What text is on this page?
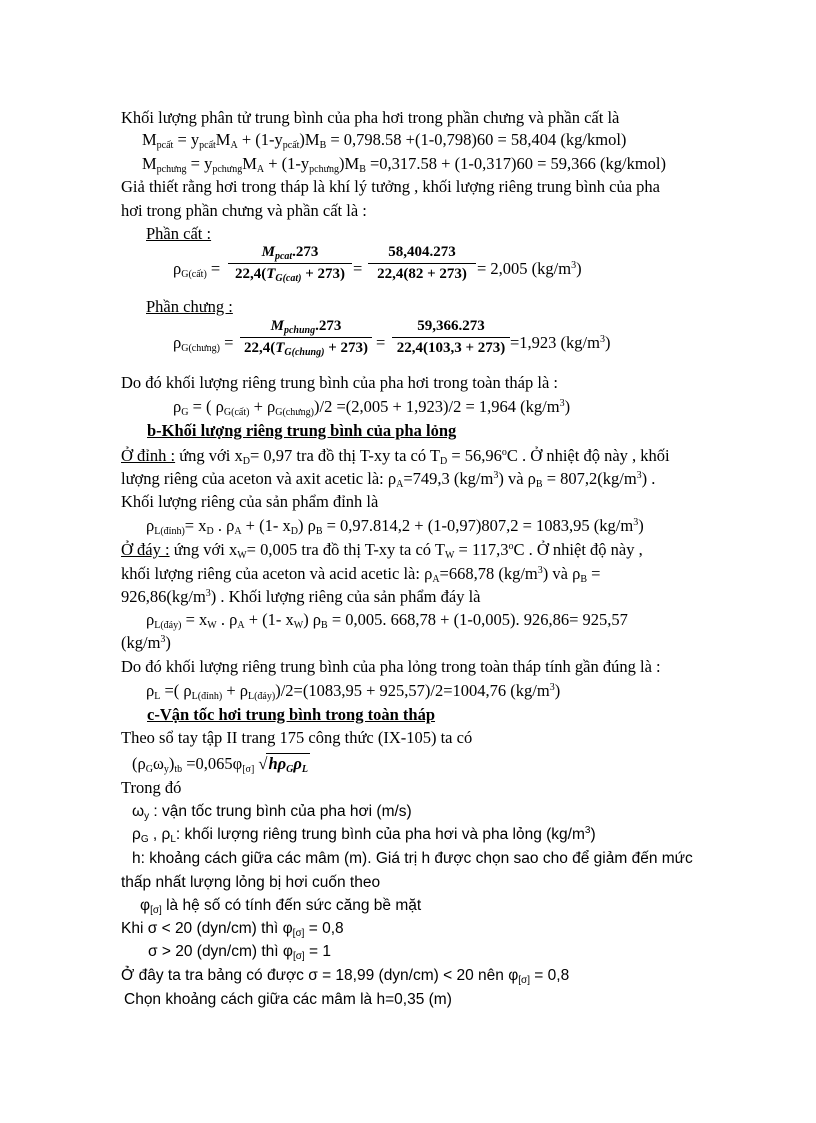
Khối lượng phân tử trung bình của pha hơi trong phần chưng và phần cất là
$M_{pcất} = y_{pcất}M_A + (1-y_{pcất})M_B = 0,798.58 +(1-0,798)60 = 58,404$ (kg/kmol)
$M_{pchưng} = y_{pchưng}M_A + (1-y_{pchưng})M_B =0,317.58 + (1-0,317)60 = 59,366$ (kg/kmol)
Giả thiết rằng hơi trong tháp là khí lý tưởng , khối lượng riêng trung bình của pha
hơi trong phần chưng và phần cất là :
Phần cất :
$\rho_{G(cất)}$ =
$M_{pcat}.273$
$22,4(T_{G(cat)} + 273)$ =
58,404.273
22,4(82 + 273) = 2,005 $(kg/m^3)$
Phần chưng :
$\rho_{G(chưng)}$ =
$M_{pchung}.273$
$22,4(T_{G(chung)} + 273)$ =
59,366.273
22,4(103,3 + 273) =1,923 $(kg/m^3)$
Do đó khối lượng riêng trung bình của pha hơi trong toàn tháp là :
$\rho_G$ = ( $\rho_{G(cất)} + \rho_{G(chưng)})/2 =(2,005 + 1,923)/2 = 1,964$ $(kg/m^3)$
b-Khối lượng riêng trung bình của pha lỏng
Ở đỉnh : ứng với $x_D= 0,97$ tra đồ thị T-xy ta có $T_D = 56,96^oC$ . Ở nhiệt độ này , khối
lượng riêng của aceton và axit acetic là: $\rho_A=749,3$ $(kg/m^3)$ và $\rho_B = 807,2(kg/m^3)$ .
Khối lượng riêng của sản phẩm đỉnh là
$\rho_{L(đỉnh)}= x_D$ . $\rho_A + (1-$ $x_D$) $\rho_B = 0,97.814,2 + (1-0,97)807,2 = 1083,95$ $(kg/m^3)$
Ở đáy : ứng với $x_W= 0,005$ tra đồ thị T-xy ta có $T_W = 117,3^oC$ . Ở nhiệt độ này ,
khối lượng riêng của aceton và acid acetic là: $\rho_A=668,78$ $(kg/m^3)$ và $\rho_B$ =
$926,86(kg/m^3)$ . Khối lượng riêng của sản phẩm đáy là
$\rho_{L(đáy)} = x_W$ . $\rho_A + (1-$ $x_W$) $\rho_B = 0,005$. 668,78 + (1-0,005). 926,86= 925,57
$(kg/m^3)$
Do đó khối lượng riêng trung bình của pha lỏng trong toàn tháp tính gần đúng là :
$\rho_L$ =( $\rho_{L(đỉnh)} + \rho_{L(đáy)})/2=(1083,95 + 925,57)/2=1004,76$ $(kg/m^3)$
c-Vận tốc hơi trung bình trong toàn tháp
Theo sổ tay tập II trang 175 công thức (IX-105) ta có
$(\rho_G\omega_y)_{tb} =0,065\varphi_{[\sigma]}$ $√h\rho_G\rho_L$
Trong đó
$\omega_y$ : vận tốc trung bình của pha hơi (m/s)
$\rho_G$ , $\rho_L$: khối lượng riêng trung bình của pha hơi và pha lỏng $(kg/m^3)$
h: khoảng cách giữa các mâm (m). Giá trị h được chọn sao cho để giảm đến mức
thấp nhất lượng lỏng bị hơi cuốn theo
$\varphi_{[\sigma]}$ là hệ số có tính đến sức căng bề mặt
Khi σ < 20 (dyn/cm) thì $\varphi_{[\sigma]} = 0,8$
σ > 20 (dyn/cm) thì $\varphi_{[\sigma]} = 1$
Ở đây ta tra bảng có được σ = 18,99 (dyn/cm) < 20 nên $\varphi_{[\sigma]} = 0,8$
Chọn khoảng cách giữa các mâm là h=0,35 (m)
